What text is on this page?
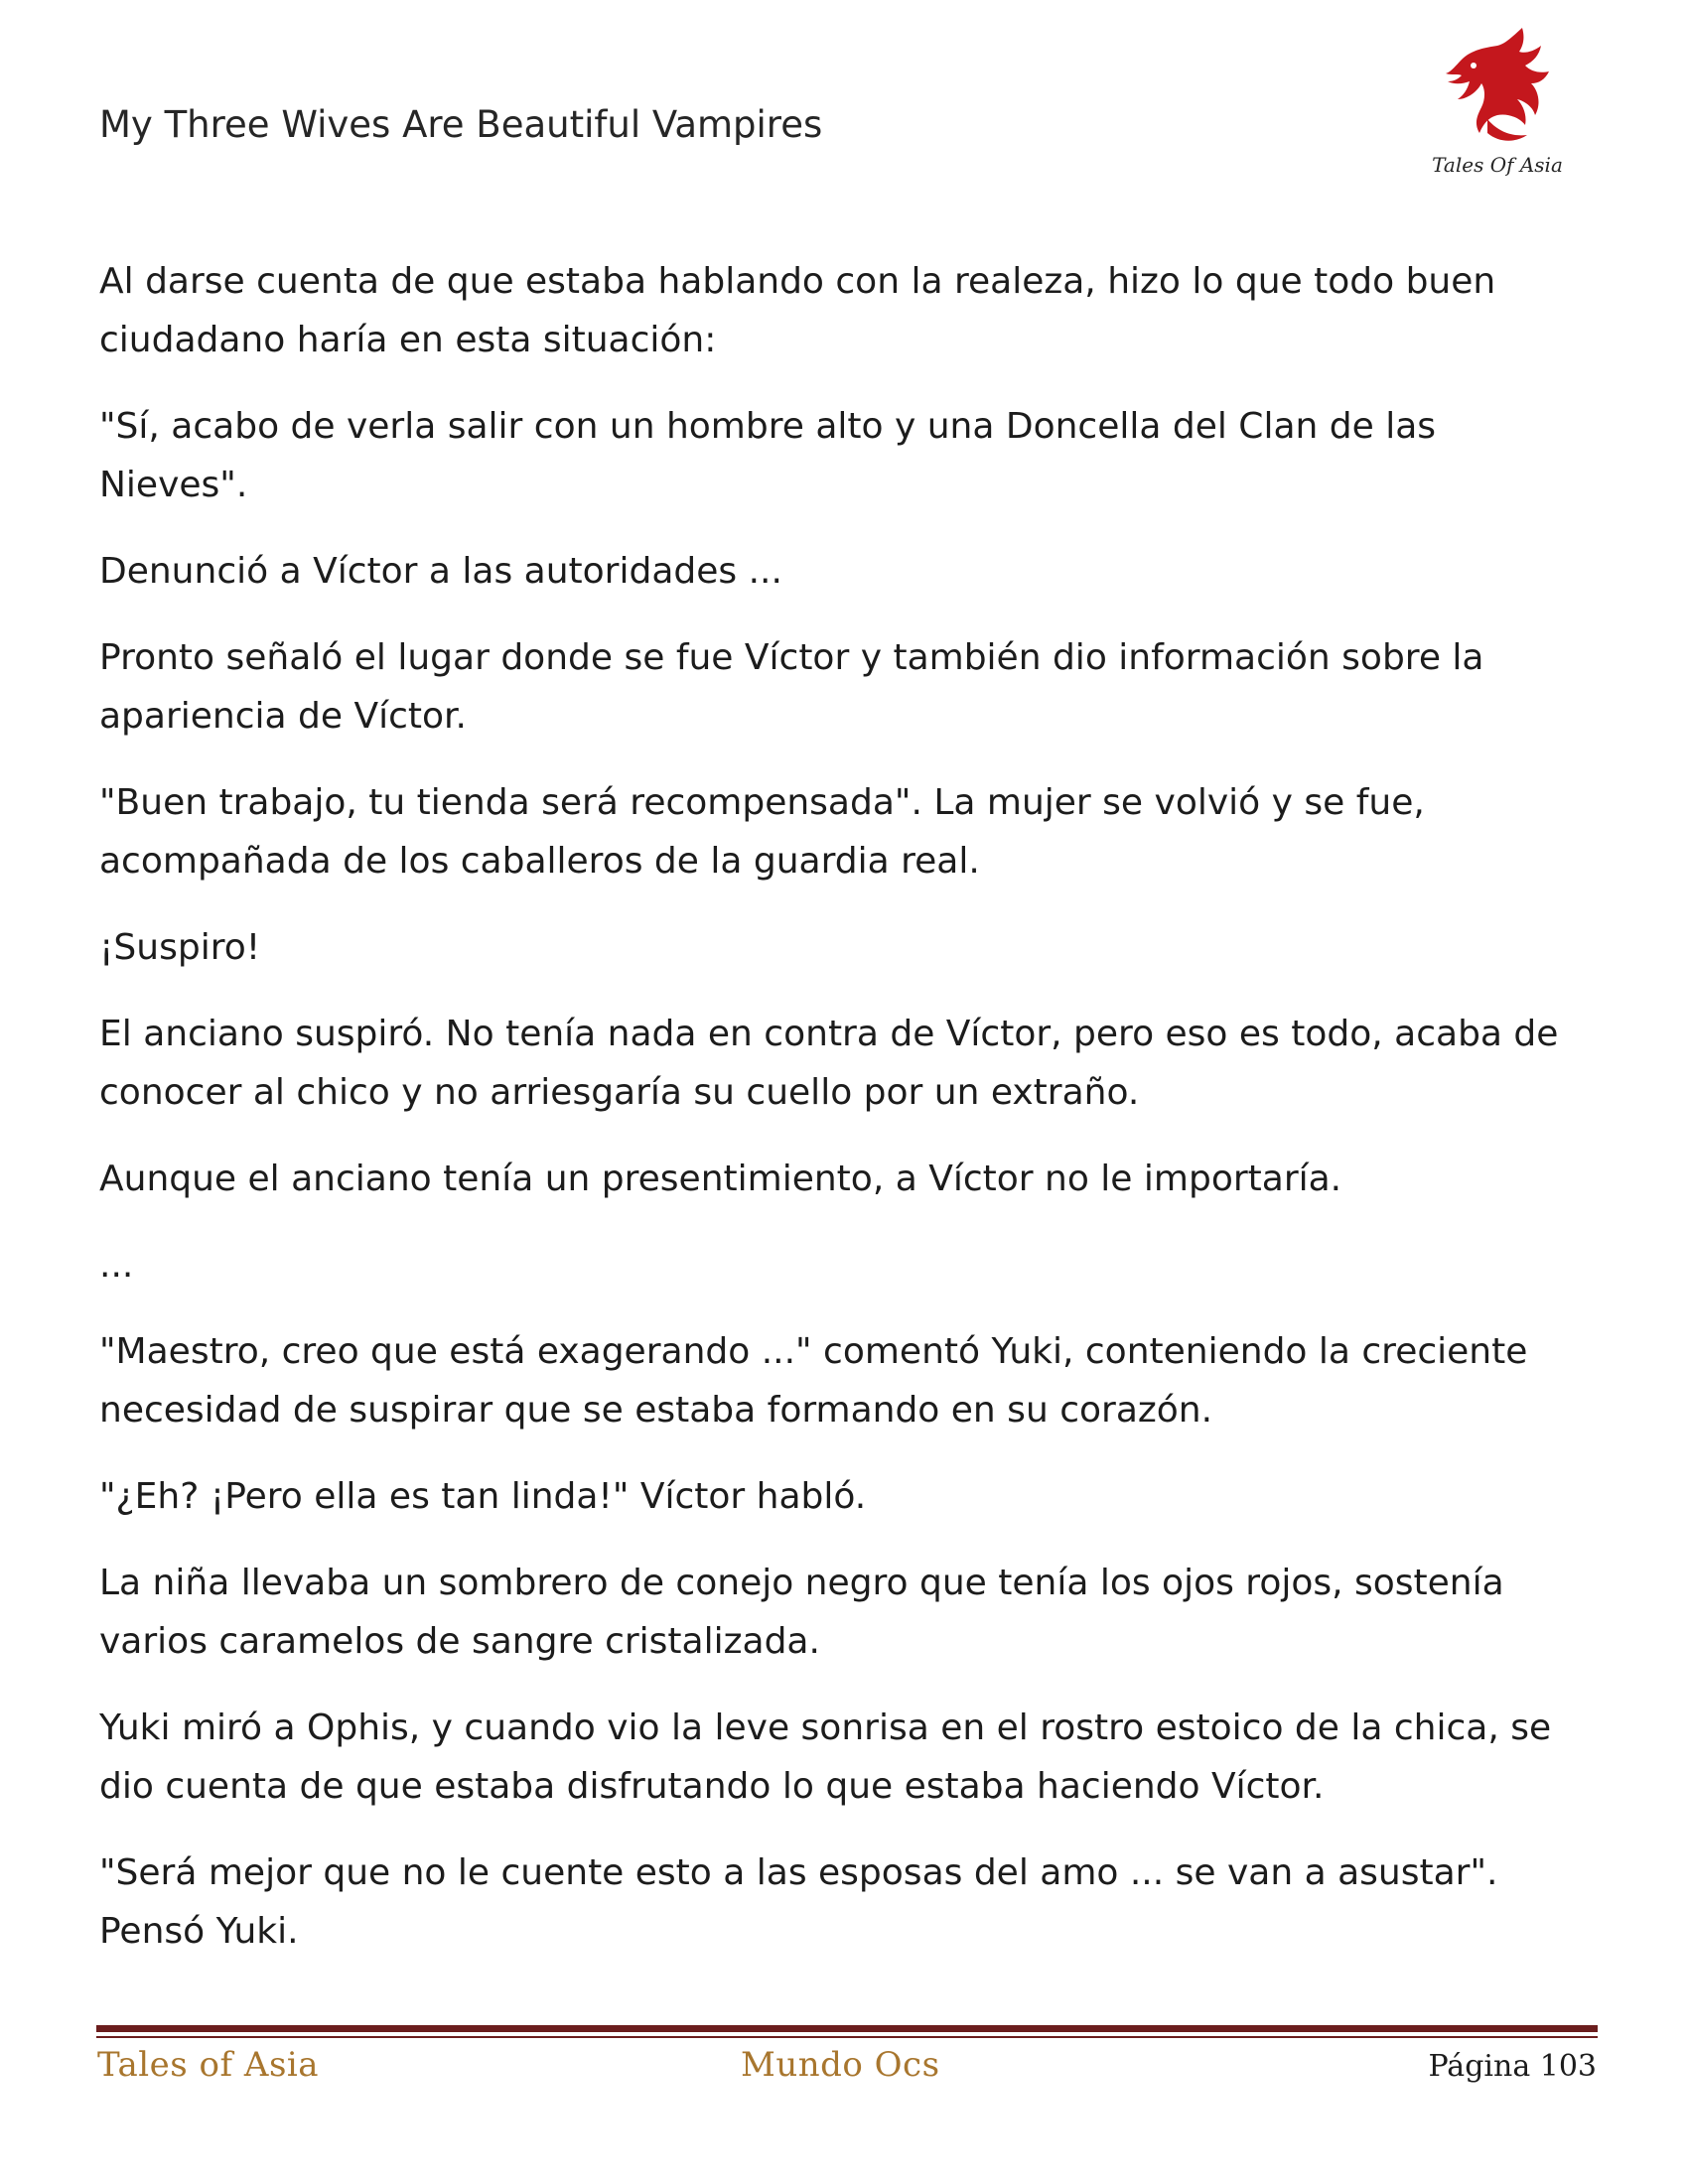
My Three Wives Are Beautiful Vampires
Tales Of Asia

Al darse cuenta de que estaba hablando con la realeza, hizo lo que todo buen ciudadano haría en esta situación:

"Sí, acabo de verla salir con un hombre alto y una Doncella del Clan de las Nieves".

Denunció a Víctor a las autoridades ...

Pronto señaló el lugar donde se fue Víctor y también dio información sobre la apariencia de Víctor.

"Buen trabajo, tu tienda será recompensada". La mujer se volvió y se fue, acompañada de los caballeros de la guardia real.

¡Suspiro!

El anciano suspiró. No tenía nada en contra de Víctor, pero eso es todo, acaba de conocer al chico y no arriesgaría su cuello por un extraño.

Aunque el anciano tenía un presentimiento, a Víctor no le importaría.

...

"Maestro, creo que está exagerando ..." comentó Yuki, conteniendo la creciente necesidad de suspirar que se estaba formando en su corazón.

"¿Eh? ¡Pero ella es tan linda!" Víctor habló.

La niña llevaba un sombrero de conejo negro que tenía los ojos rojos, sostenía varios caramelos de sangre cristalizada.

Yuki miró a Ophis, y cuando vio la leve sonrisa en el rostro estoico de la chica, se dio cuenta de que estaba disfrutando lo que estaba haciendo Víctor.

"Será mejor que no le cuente esto a las esposas del amo ... se van a asustar". Pensó Yuki.

Tales of Asia	Mundo Ocs	Página 103
